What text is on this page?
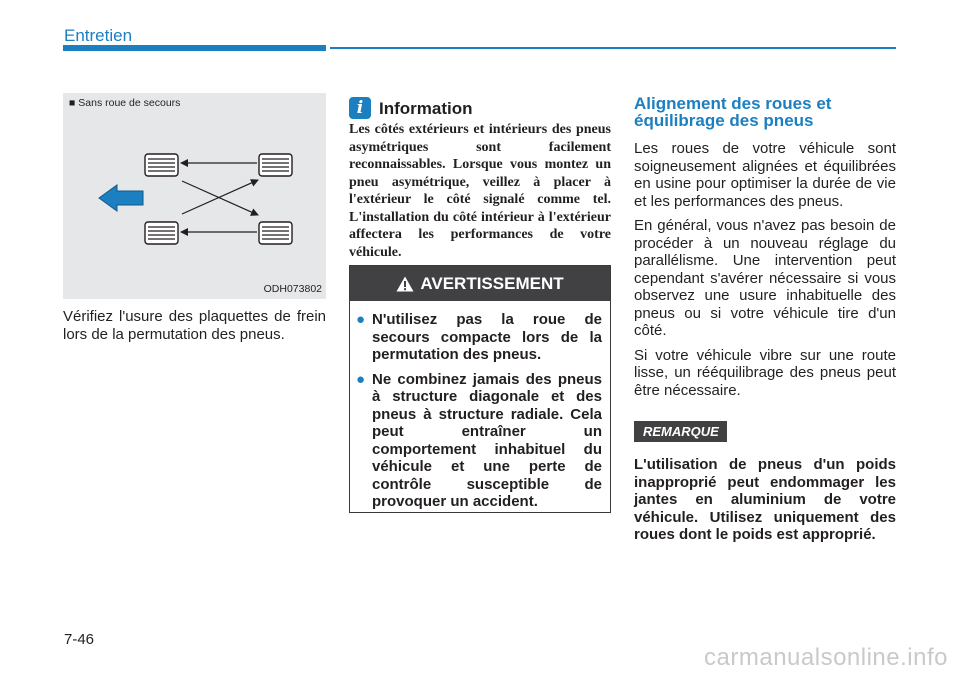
Entretien
■ Sans roue de secours
ODH073802

Vérifiez l'usure des plaquettes de frein lors de la permutation des pneus.

i Information

Les côtés extérieurs et intérieurs des pneus asymétriques sont facilement reconnaissables. Lorsque vous montez un pneu asymétrique, veillez à placer à l'extérieur le côté signalé comme tel. L'installation du côté intérieur à l'extérieur affectera les performances de votre véhicule.

AVERTISSEMENT
● N'utilisez pas la roue de secours compacte lors de la permutation des pneus.
● Ne combinez jamais des pneus à structure diagonale et des pneus à structure radiale. Cela peut entraîner un comportement inhabituel du véhicule et une perte de contrôle susceptible de provoquer un accident.
Alignement des roues et équilibrage des pneus

Les roues de votre véhicule sont soigneusement alignées et équilibrées en usine pour optimiser la durée de vie et les performances des pneus.

En général, vous n'avez pas besoin de procéder à un nouveau réglage du parallélisme. Une intervention peut cependant s'avérer nécessaire si vous observez une usure inhabituelle des pneus ou si votre véhicule tire d'un côté.

Si votre véhicule vibre sur une route lisse, un rééquilibrage des pneus peut être nécessaire.

REMARQUE

L'utilisation de pneus d'un poids inapproprié peut endommager les jantes en aluminium de votre véhicule. Utilisez uniquement des roues dont le poids est approprié.

7-46
carmanualsonline.info
